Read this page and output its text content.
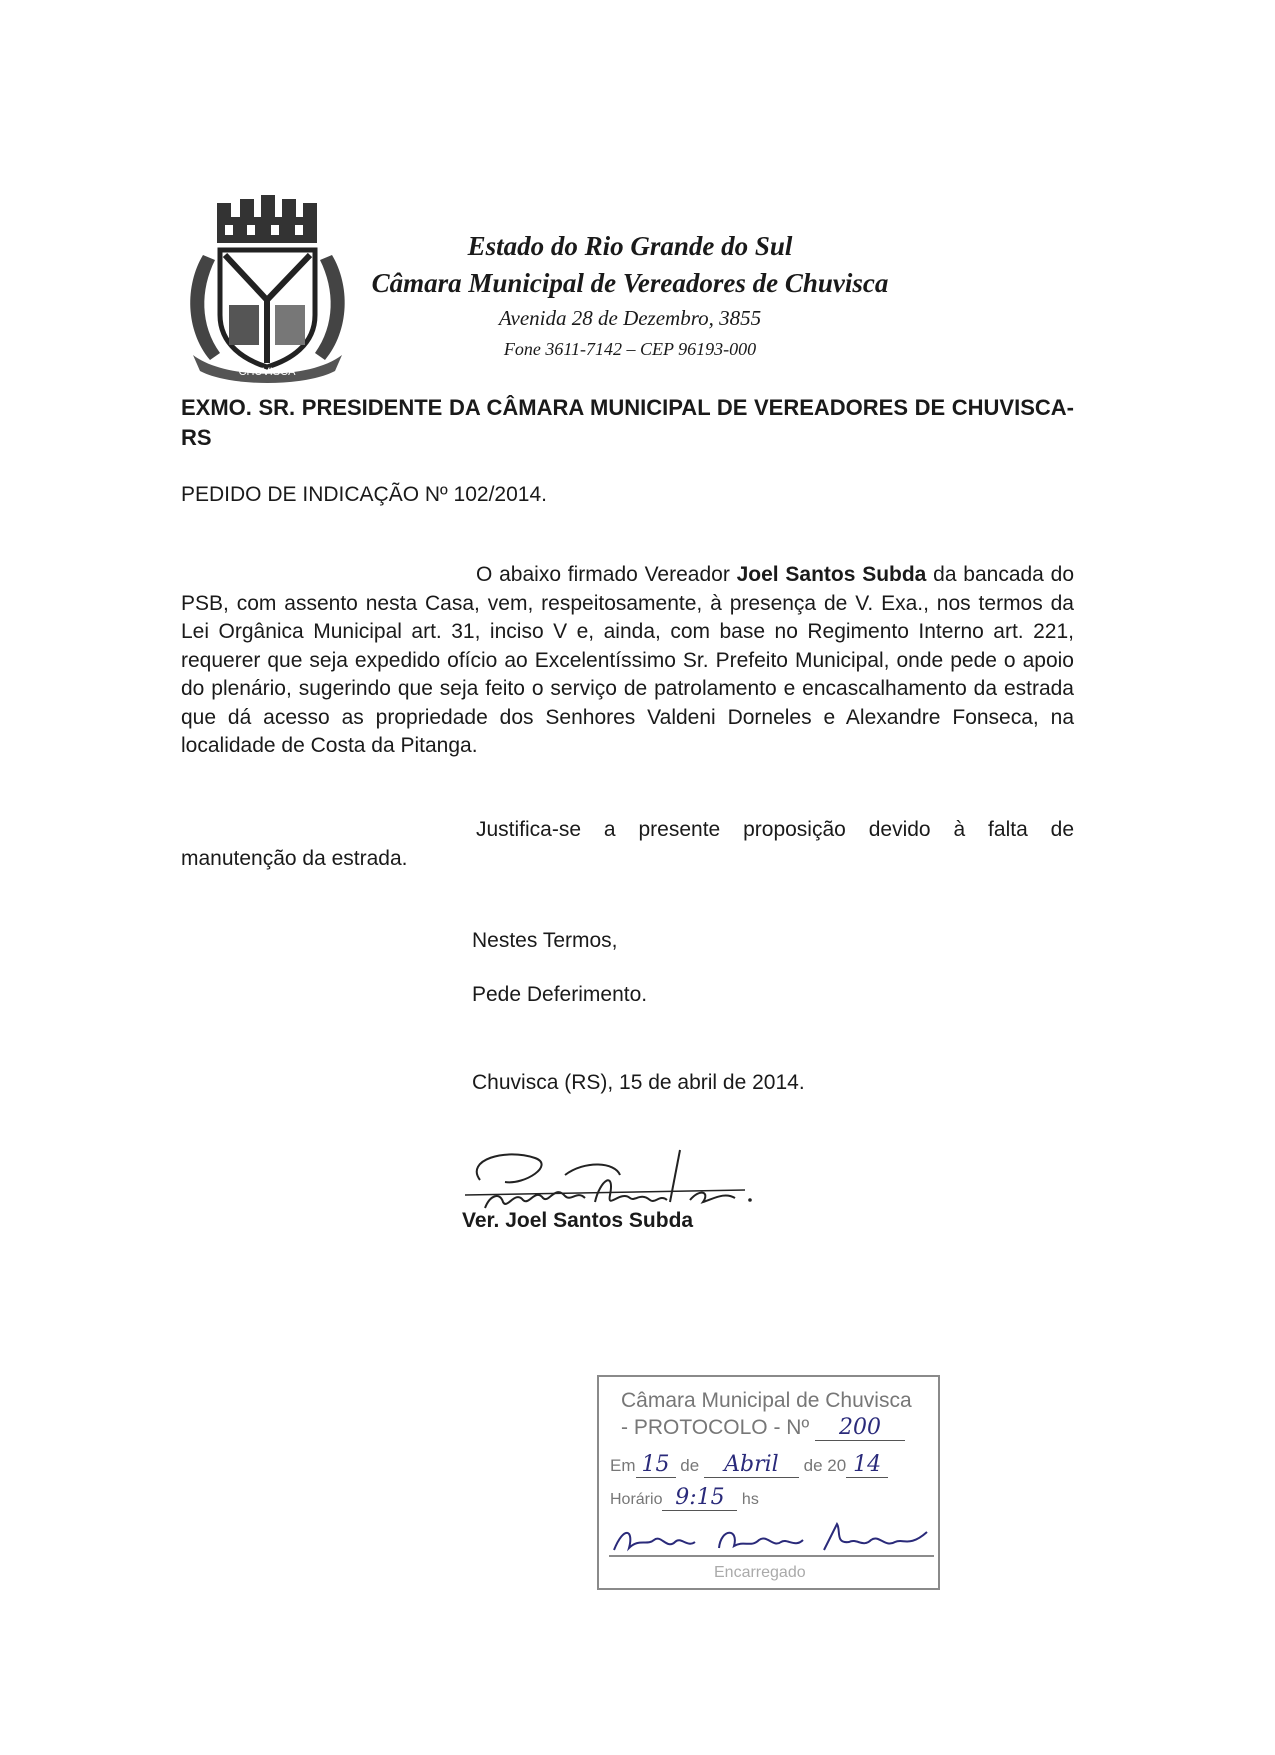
CHUVISCA
Estado do Rio Grande do Sul
Câmara Municipal de Vereadores de Chuvisca
Avenida 28 de Dezembro, 3855
Fone 3611-7142 – CEP 96193-000
EXMO. SR. PRESIDENTE DA CÂMARA MUNICIPAL DE VEREADORES DE CHUVISCA-RS
PEDIDO DE INDICAÇÃO Nº 102/2014.
O abaixo firmado Vereador Joel Santos Subda da bancada do PSB, com assento nesta Casa, vem, respeitosamente, à presença de V. Exa., nos termos da Lei Orgânica Municipal art. 31, inciso V e, ainda, com base no Regimento Interno art. 221, requerer que seja expedido ofício ao Excelentíssimo Sr. Prefeito Municipal, onde pede o apoio do plenário, sugerindo que seja feito o serviço de patrolamento e encascalhamento da estrada que dá acesso as propriedade dos Senhores Valdeni Dorneles e Alexandre Fonseca, na localidade de Costa da Pitanga.
Justifica-se a presente proposição devido à falta de manutenção da estrada.
Nestes Termos,
Pede Deferimento.
Chuvisca (RS), 15 de abril de 2014.
Ver. Joel Santos Subda
Câmara Municipal de Chuvisca
- PROTOCOLO - Nº 200
Em 15 de Abril de 20 14
Horário 9:15 hs
Encarregado
